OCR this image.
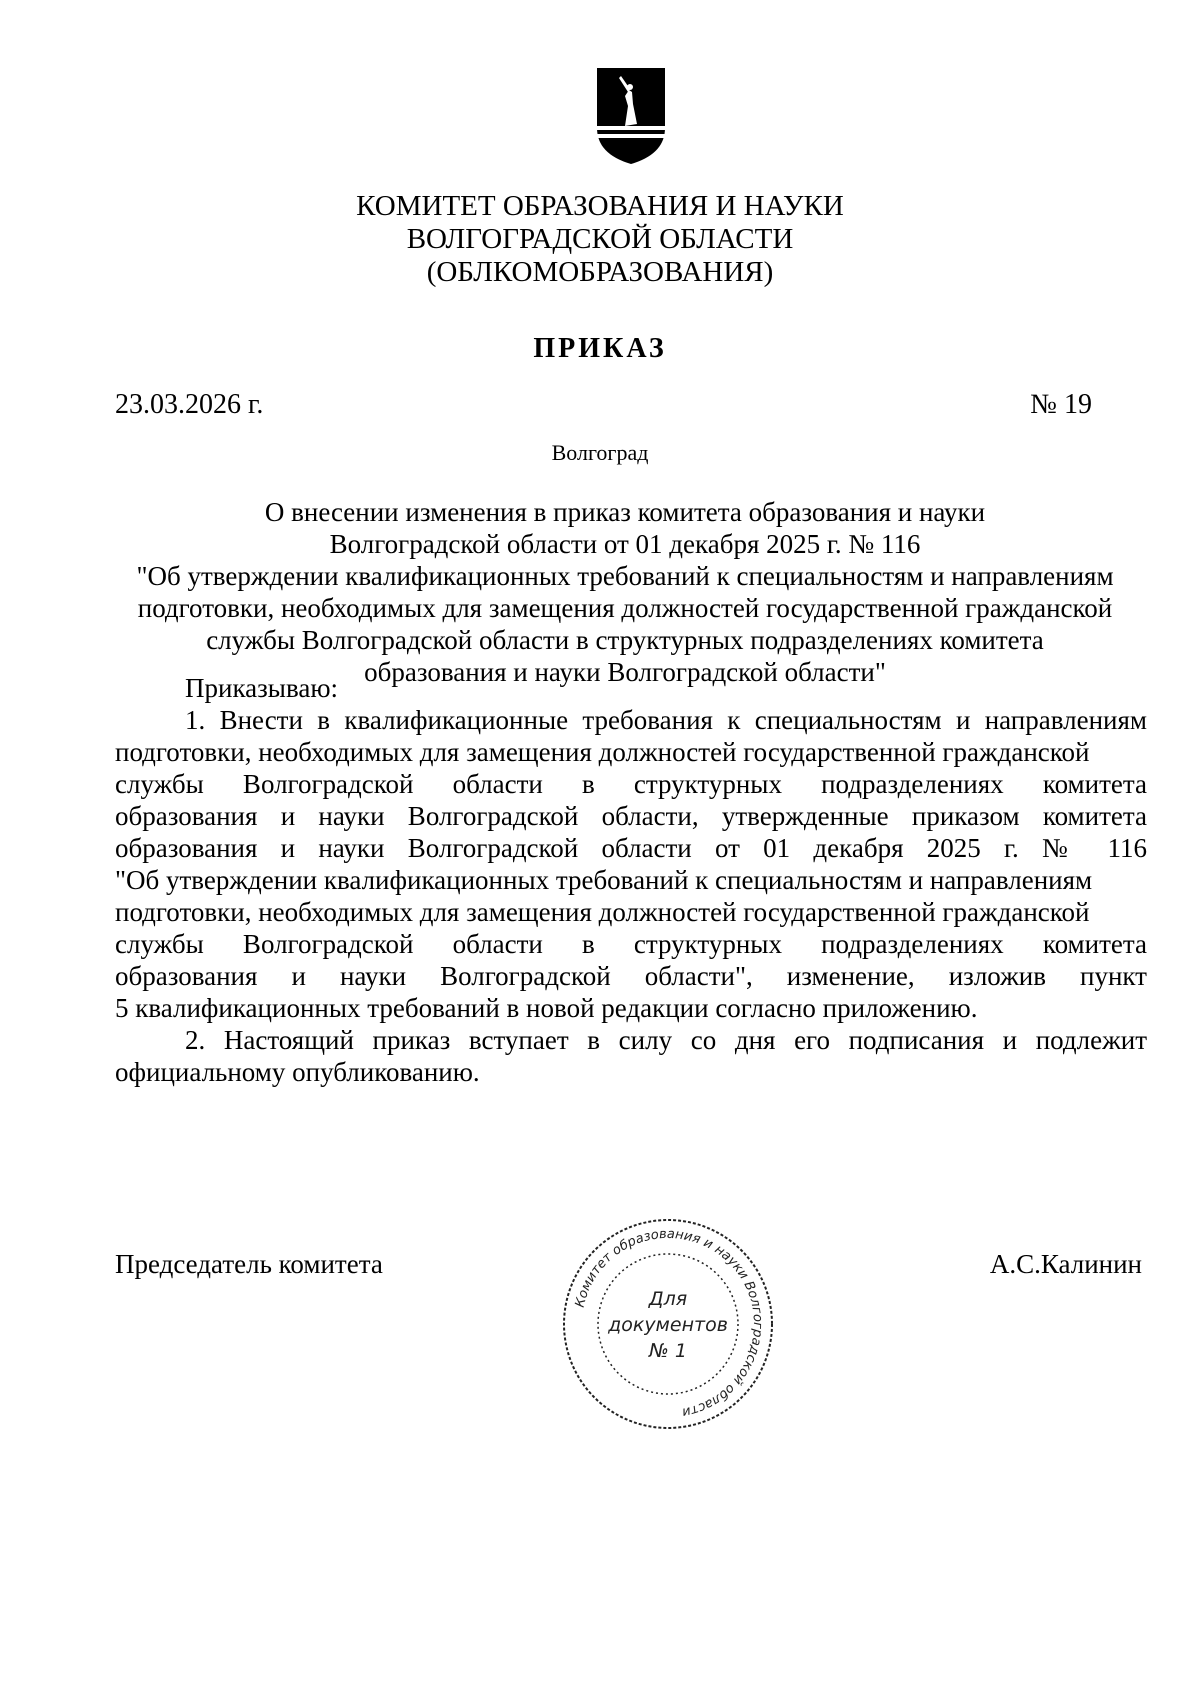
КОМИТЕТ ОБРАЗОВАНИЯ И НАУКИ
ВОЛГОГРАДСКОЙ ОБЛАСТИ
(ОБЛКОМОБРАЗОВАНИЯ)
ПРИКАЗ
23.03.2026 г.	№ 19
Волгоград
О внесении изменения в приказ комитета образования и науки
Волгоградской области от 01 декабря 2025 г. № 116
"Об утверждении квалификационных требований к специальностям и направлениям
подготовки, необходимых для замещения должностей государственной гражданской
службы Волгоградской области в структурных подразделениях комитета
образования и науки Волгоградской области"
Приказываю:
1. Внести в квалификационные требования к специальностям и направлениям
подготовки, необходимых для замещения должностей государственной гражданской
службы Волгоградской области в структурных подразделениях комитета
образования и науки Волгоградской области, утвержденные приказом комитета
образования и науки Волгоградской области от 01 декабря 2025 г. № 116
"Об утверждении квалификационных требований к специальностям и направлениям
подготовки, необходимых для замещения должностей государственной гражданской
службы Волгоградской области в структурных подразделениях комитета
образования и науки Волгоградской области", изменение, изложив пункт
5 квалификационных требований в новой редакции согласно приложению.
2. Настоящий приказ вступает в силу со дня его подписания и подлежит
официальному опубликованию.
Председатель комитета	А.С.Калинин
Комитет образования и науки Волгоградской области
Для
документов
№ 1
